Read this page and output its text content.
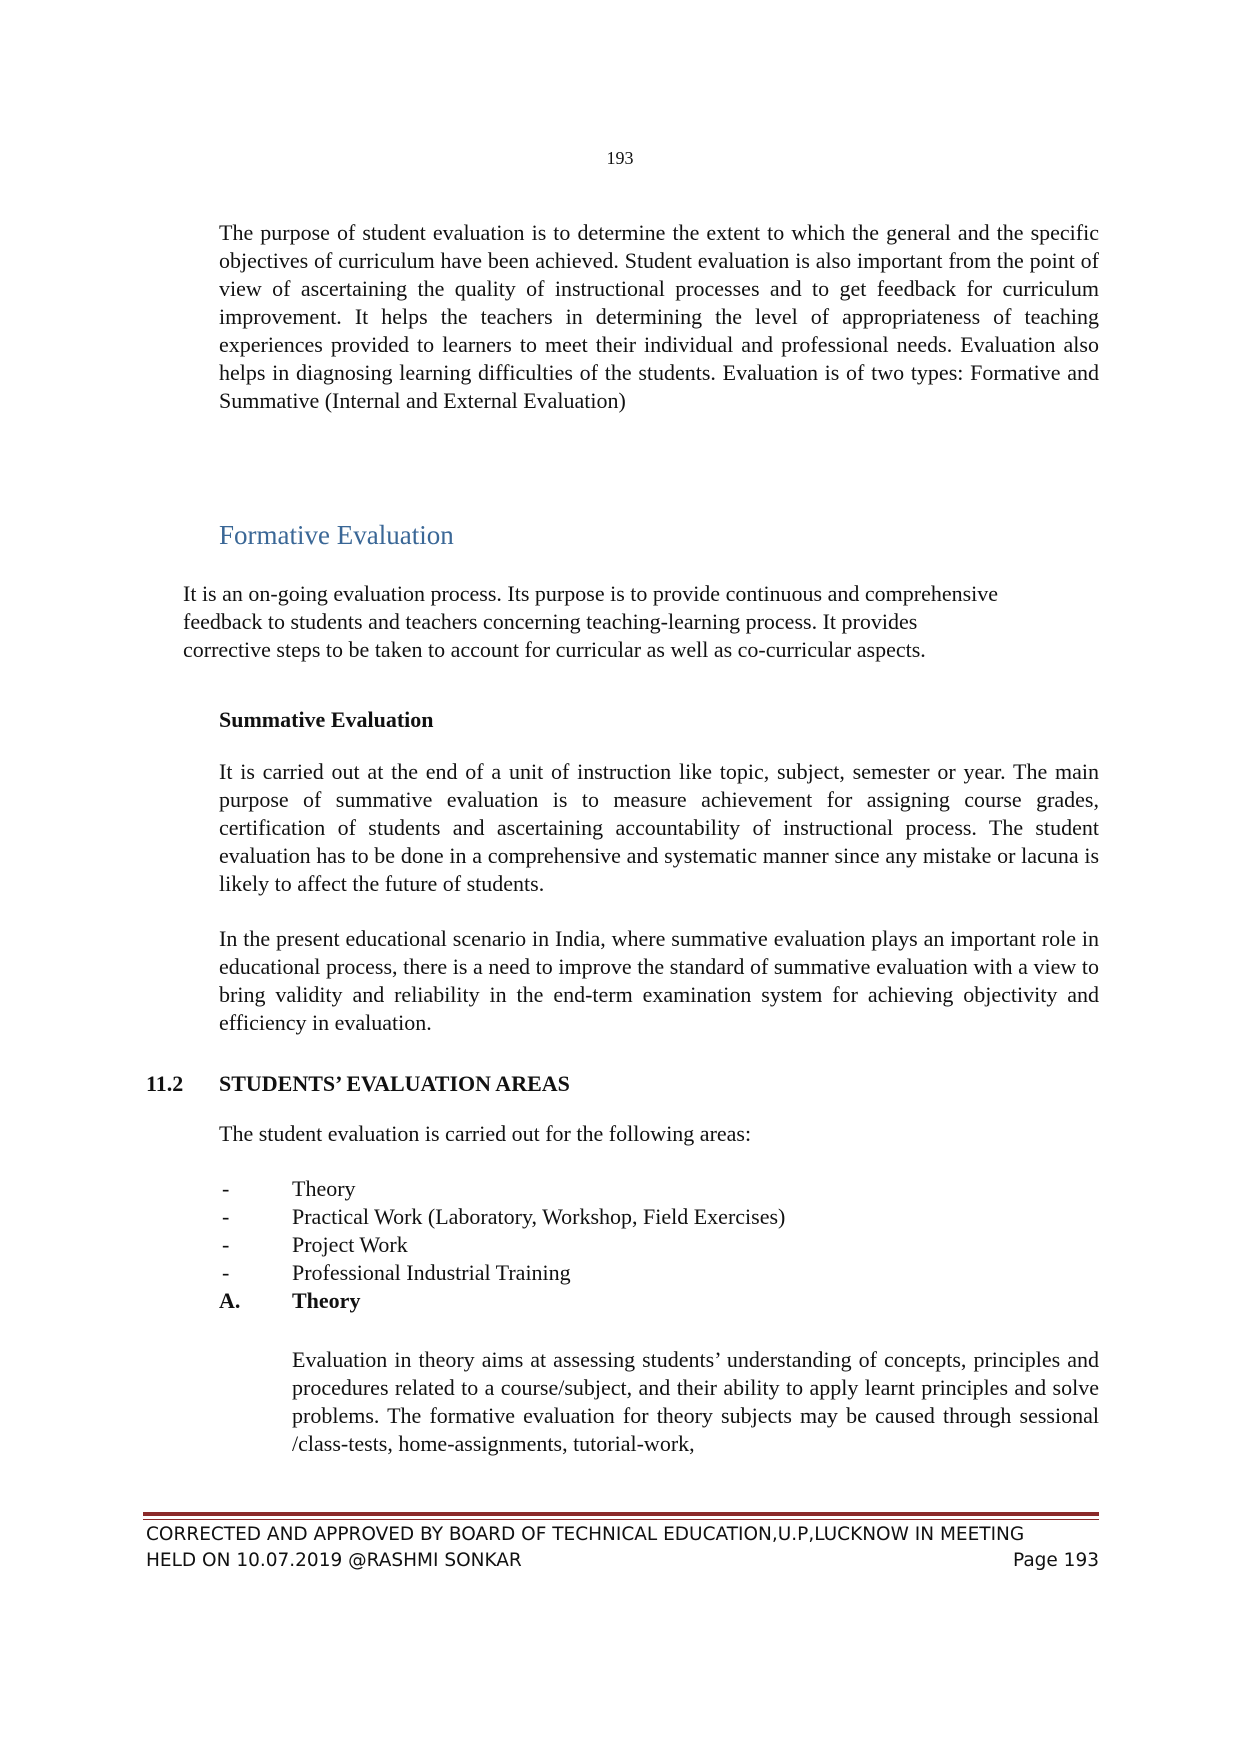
193

The purpose of student evaluation is to determine the extent to which the general and the specific objectives of curriculum have been achieved. Student evaluation is also important from the point of view of ascertaining the quality of instructional processes and to get feedback for curriculum improvement. It helps the teachers in determining the level of appropriateness of teaching experiences provided to learners to meet their individual and professional needs. Evaluation also helps in diagnosing learning difficulties of the students. Evaluation is of two types: Formative and Summative (Internal and External Evaluation)

Formative Evaluation

It is an on-going evaluation process. Its purpose is to provide continuous and comprehensive
feedback to students and teachers concerning teaching-learning process. It provides
corrective steps to be taken to account for curricular as well as co-curricular aspects.

Summative Evaluation

It is carried out at the end of a unit of instruction like topic, subject, semester or year. The main purpose of summative evaluation is to measure achievement for assigning course grades, certification of students and ascertaining accountability of instructional process. The student evaluation has to be done in a comprehensive and systematic manner since any mistake or lacuna is likely to affect the future of students.

In the present educational scenario in India, where summative evaluation plays an important role in educational process, there is a need to improve the standard of summative evaluation with a view to bring validity and reliability in the end-term examination system for achieving objectivity and efficiency in evaluation.

11.2 STUDENTS’ EVALUATION AREAS

The student evaluation is carried out for the following areas:

-	Theory
-	Practical Work (Laboratory, Workshop, Field Exercises)
-	Project Work
-	Professional Industrial Training
A. Theory

Evaluation in theory aims at assessing students’ understanding of concepts, principles and procedures related to a course/subject, and their ability to apply learnt principles and solve problems. The formative evaluation for theory subjects may be caused through sessional /class-tests, home-assignments, tutorial-work,

CORRECTED AND APPROVED BY BOARD OF TECHNICAL EDUCATION,U.P,LUCKNOW IN MEETING
HELD ON 10.07.2019 @RASHMI SONKAR	Page 193
